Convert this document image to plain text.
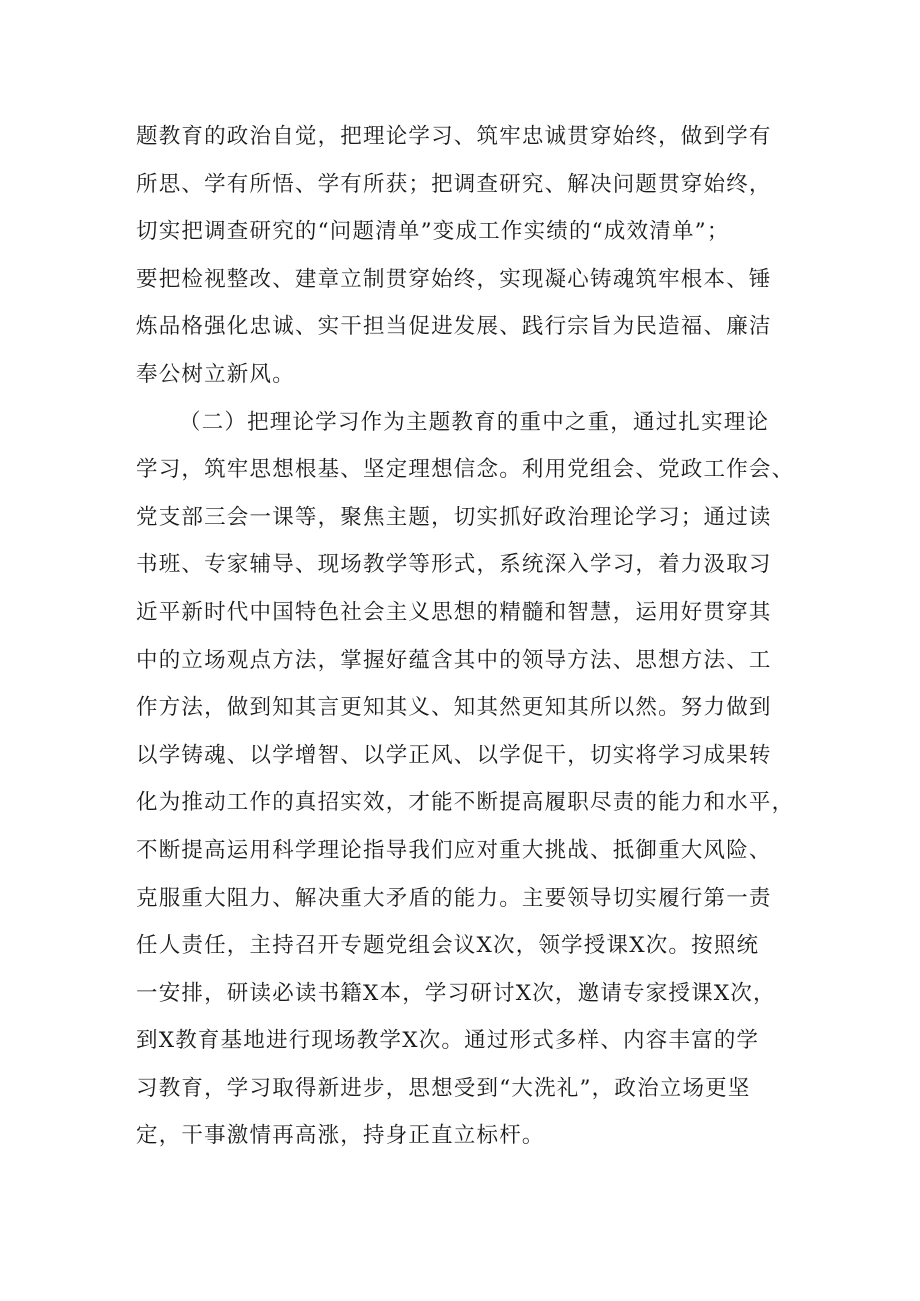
题教育的政治自觉，把理论学习、筑牢忠诚贯穿始终，做到学有
所思、学有所悟、学有所获；把调查研究、解决问题贯穿始终，
切实把调查研究的“问题清单”变成工作实绩的“成效清单”；
要把检视整改、建章立制贯穿始终，实现凝心铸魂筑牢根本、锤
炼品格强化忠诚、实干担当促进发展、践行宗旨为民造福、廉洁
奉公树立新风。
（二）把理论学习作为主题教育的重中之重，通过扎实理论
学习，筑牢思想根基、坚定理想信念。利用党组会、党政工作会、
党支部三会一课等，聚焦主题，切实抓好政治理论学习；通过读
书班、专家辅导、现场教学等形式，系统深入学习，着力汲取习
近平新时代中国特色社会主义思想的精髓和智慧，运用好贯穿其
中的立场观点方法，掌握好蕴含其中的领导方法、思想方法、工
作方法，做到知其言更知其义、知其然更知其所以然。努力做到
以学铸魂、以学增智、以学正风、以学促干，切实将学习成果转
化为推动工作的真招实效，才能不断提高履职尽责的能力和水平，
不断提高运用科学理论指导我们应对重大挑战、抵御重大风险、
克服重大阻力、解决重大矛盾的能力。主要领导切实履行第一责
任人责任，主持召开专题党组会议X次，领学授课X次。按照统
一安排，研读必读书籍X本，学习研讨X次，邀请专家授课X次，
到X教育基地进行现场教学X次。通过形式多样、内容丰富的学
习教育，学习取得新进步，思想受到“大洗礼”，政治立场更坚
定，干事激情再高涨，持身正直立标杆。
